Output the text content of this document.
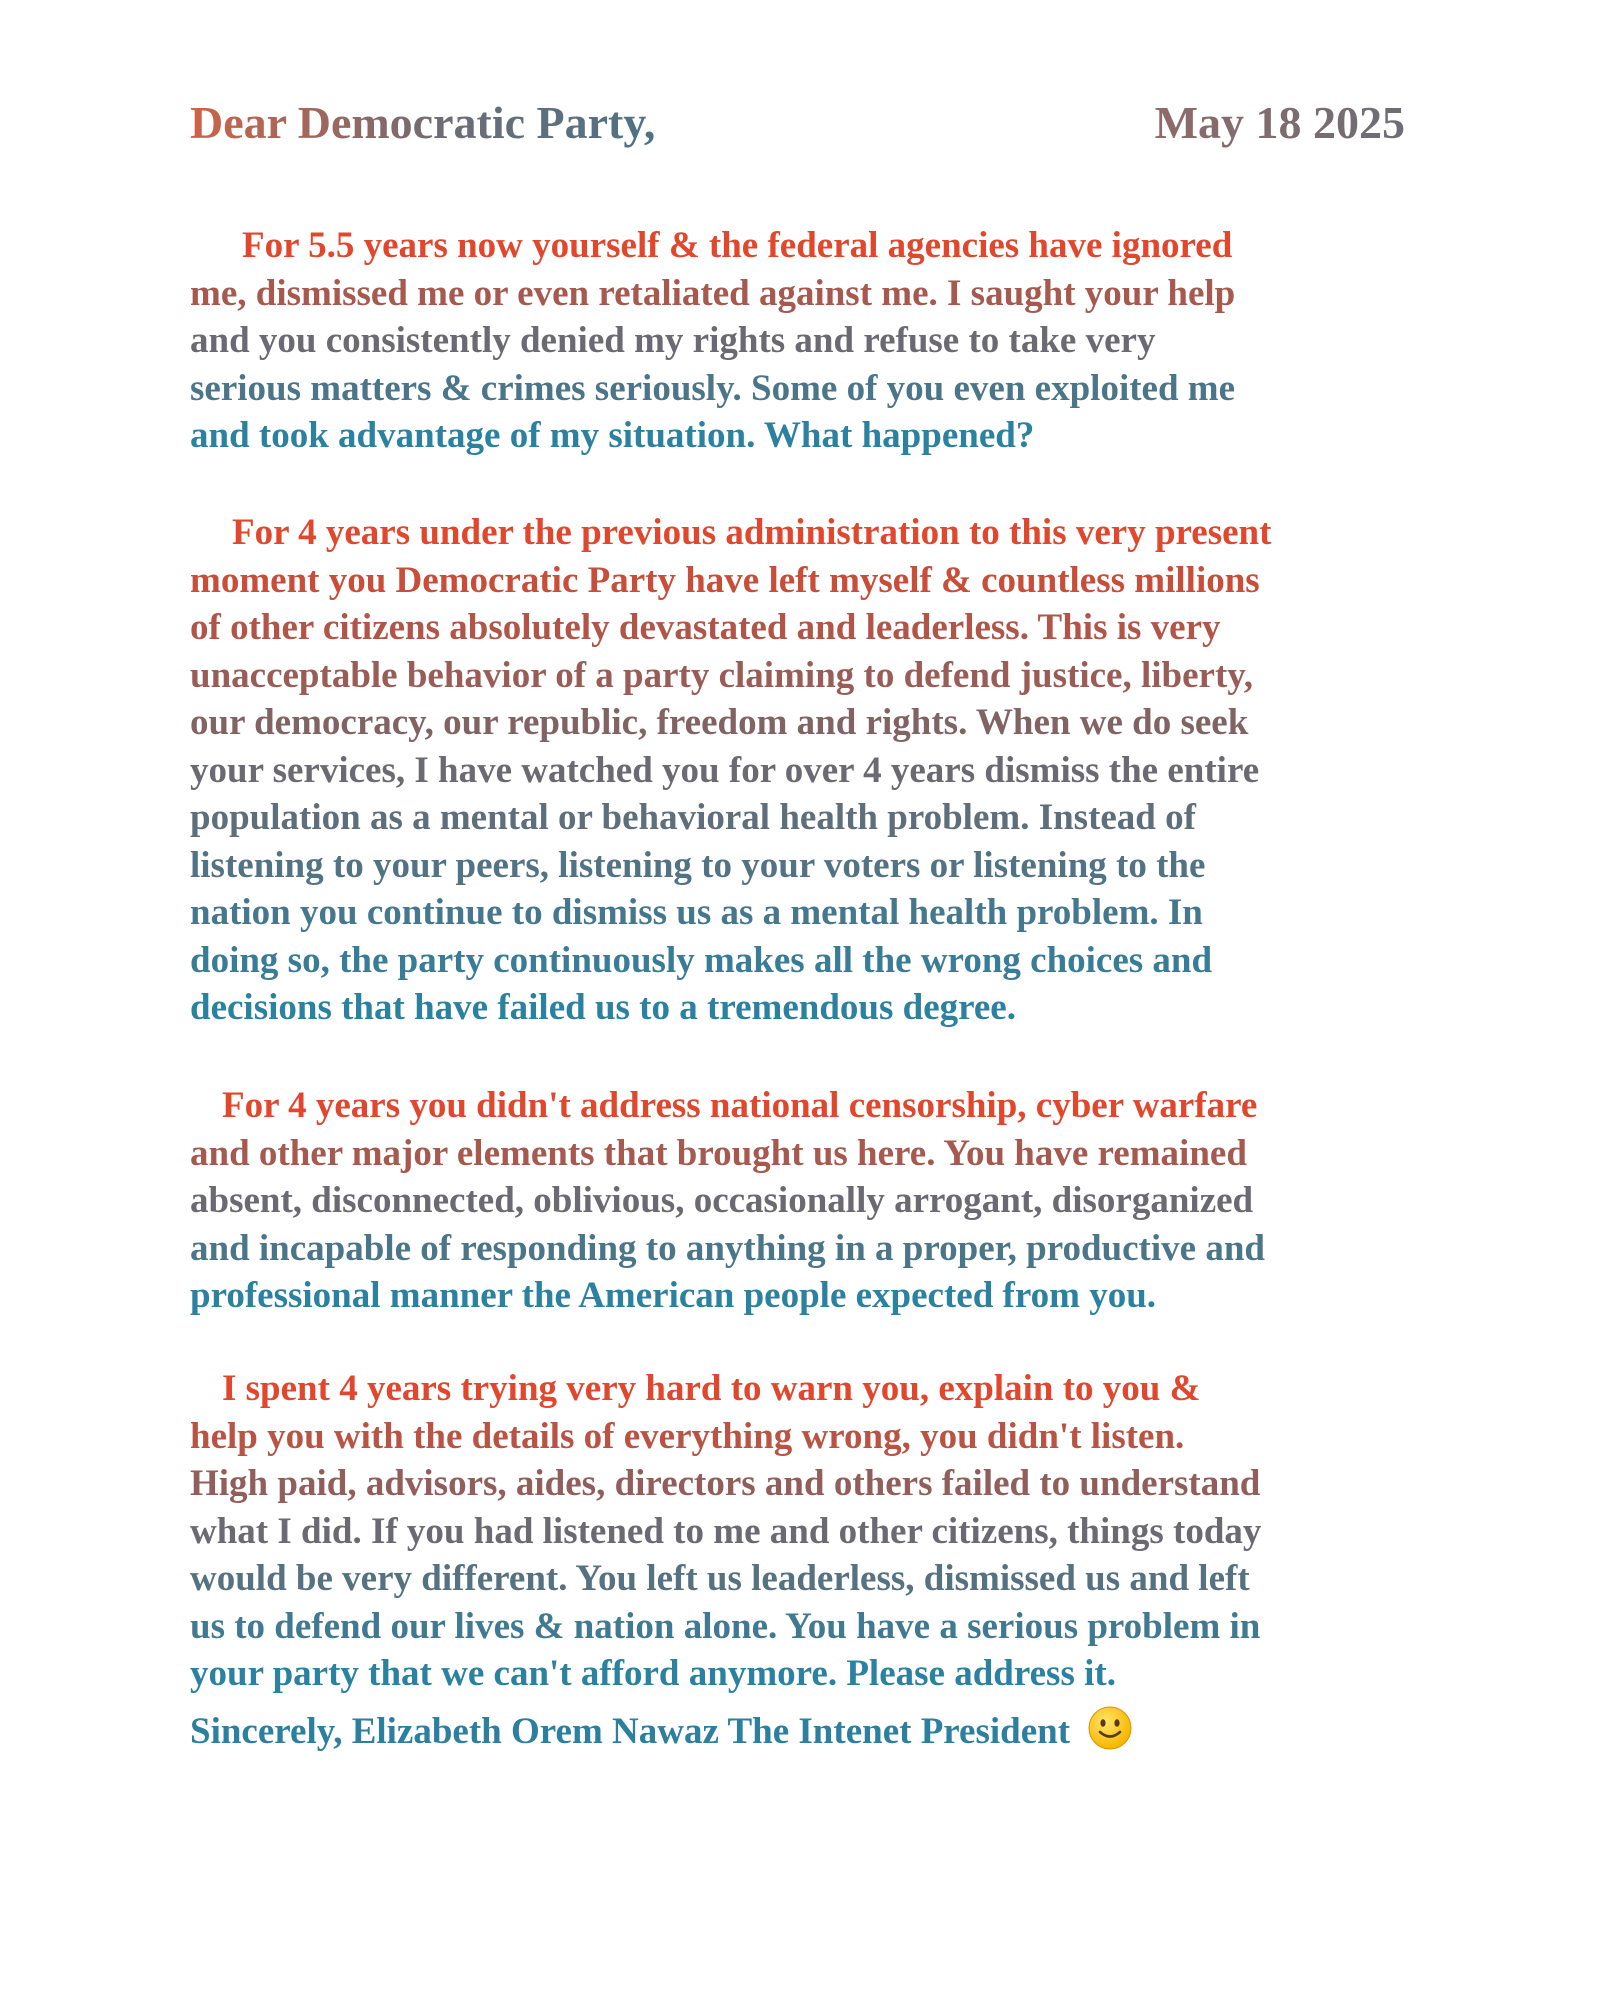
Dear Democratic Party,	May 18 2025
For 5.5 years now yourself & the federal agencies have ignored
me, dismissed me or even retaliated against me. I saught your help
and you consistently denied my rights and refuse to take very
serious matters & crimes seriously. Some of you even exploited me
and took advantage of my situation. What happened?
For 4 years under the previous administration to this very present
moment you Democratic Party have left myself & countless millions
of other citizens absolutely devastated and leaderless. This is very
unacceptable behavior of a party claiming to defend justice, liberty,
our democracy, our republic, freedom and rights. When we do seek
your services, I have watched you for over 4 years dismiss the entire
population as a mental or behavioral health problem. Instead of
listening to your peers, listening to your voters or listening to the
nation you continue to dismiss us as a mental health problem. In
doing so, the party continuously makes all the wrong choices and
decisions that have failed us to a tremendous degree.
For 4 years you didn't address national censorship, cyber warfare
and other major elements that brought us here. You have remained
absent, disconnected, oblivious, occasionally arrogant, disorganized
and incapable of responding to anything in a proper, productive and
professional manner the American people expected from you.
I spent 4 years trying very hard to warn you, explain to you &
help you with the details of everything wrong, you didn't listen.
High paid, advisors, aides, directors and others failed to understand
what I did. If you had listened to me and other citizens, things today
would be very different. You left us leaderless, dismissed us and left
us to defend our lives & nation alone. You have a serious problem in
your party that we can't afford anymore. Please address it.
Sincerely, Elizabeth Orem Nawaz The Intenet President
